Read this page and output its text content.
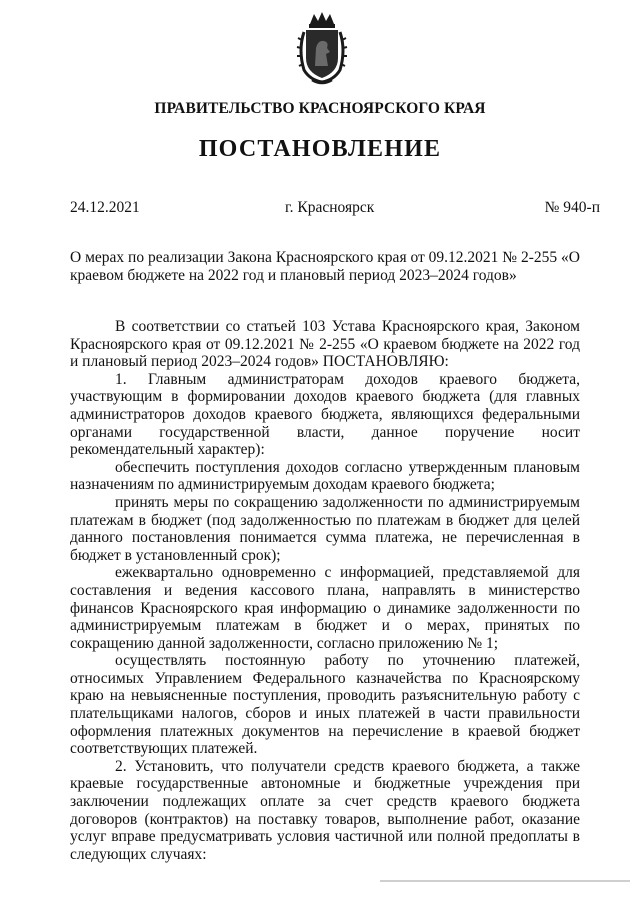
ПРАВИТЕЛЬСТВО КРАСНОЯРСКОГО КРАЯ
ПОСТАНОВЛЕНИЕ
24.12.2021	г. Красноярск	№ 940-п
О мерах по реализации Закона Красноярского края от 09.12.2021 № 2-255 «О краевом бюджете на 2022 год и плановый период 2023–2024 годов»

В соответствии со статьей 103 Устава Красноярского края, Законом Красноярского края от 09.12.2021 № 2-255 «О краевом бюджете на 2022 год и плановый период 2023–2024 годов» ПОСТАНОВЛЯЮ:

1. Главным администраторам доходов краевого бюджета, участвующим в формировании доходов краевого бюджета (для главных администраторов доходов краевого бюджета, являющихся федеральными органами государственной власти, данное поручение носит рекомендательный характер):

обеспечить поступления доходов согласно утвержденным плановым назначениям по администрируемым доходам краевого бюджета;

принять меры по сокращению задолженности по администрируемым платежам в бюджет (под задолженностью по платежам в бюджет для целей данного постановления понимается сумма платежа, не перечисленная в бюджет в установленный срок);

ежеквартально одновременно с информацией, представляемой для составления и ведения кассового плана, направлять в министерство финансов Красноярского края информацию о динамике задолженности по администрируемым платежам в бюджет и о мерах, принятых по сокращению данной задолженности, согласно приложению № 1;

осуществлять постоянную работу по уточнению платежей, относимых Управлением Федерального казначейства по Красноярскому краю на невыясненные поступления, проводить разъяснительную работу с плательщиками налогов, сборов и иных платежей в части правильности оформления платежных документов на перечисление в краевой бюджет соответствующих платежей.

2. Установить, что получатели средств краевого бюджета, а также краевые государственные автономные и бюджетные учреждения при заключении подлежащих оплате за счет средств краевого бюджета договоров (контрактов) на поставку товаров, выполнение работ, оказание услуг вправе предусматривать условия частичной или полной предоплаты в следующих случаях:
